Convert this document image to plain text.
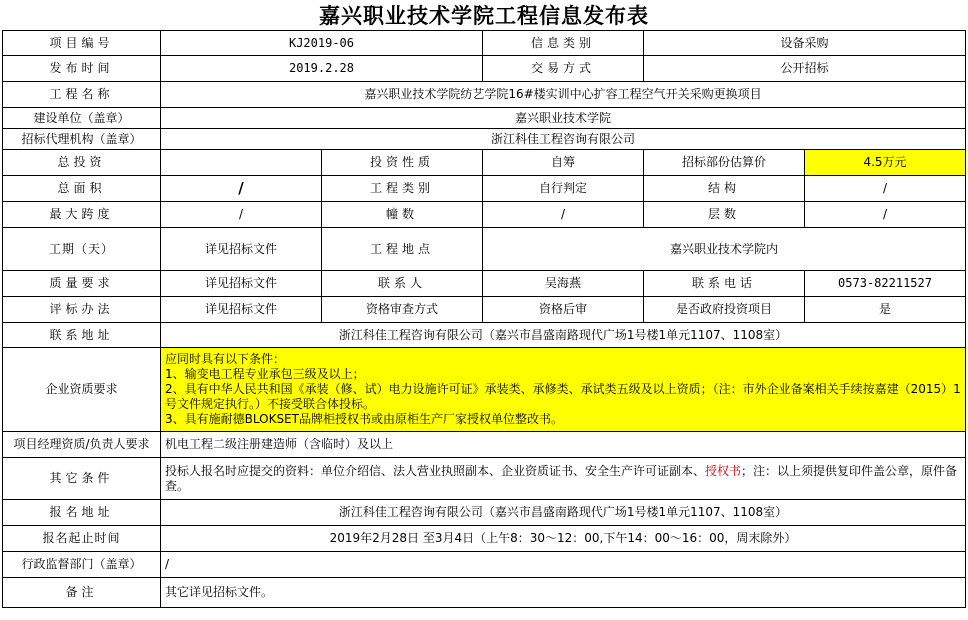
嘉兴职业技术学院工程信息发布表
项目编号	KJ2019-06		信息类别	设备采购	
发布时间	2019.2.28		交易方式	公开招标	
工程名称	嘉兴职业技术学院纺艺学院16#楼实训中心扩容工程空气开关采购更换项目				
建设单位（盖章）	嘉兴职业技术学院				
招标代理机构（盖章）	浙江科佳工程咨询有限公司				
总投资		投资性质	自筹	招标部份估算价	4.5万元
总面积	/	工程类别	自行判定	结构	/
最大跨度	/	幢数	/	层数	/
工期（天）	详见招标文件	工程地点	嘉兴职业技术学院内		
质量要求	详见招标文件	联系人	吴海燕	联系电话	0573-82211527
评标办法	详见招标文件	资格审查方式	资格后审	是否政府投资项目	是
联系地址	浙江科佳工程咨询有限公司（嘉兴市昌盛南路现代广场1号楼1单元1107、1108室）				
企业资质要求	应同时具有以下条件：
1、输变电工程专业承包三级及以上；
2、具有中华人民共和国《承装（修、试）电力设施许可证》承装类、承修类、承试类五级及以上资质；（注：市外企业备案相关手续按嘉建（2015）1号文件规定执行。）不接受联合体投标。
3、具有施耐德BLOKSET品牌柜授权书或由原柜生产厂家授权单位整改书。				

项目经理资质/负责人要求	机电工程二级注册建造师（含临时）及以上				
其它条件	投标人报名时应提交的资料：单位介绍信、法人营业执照副本、企业资质证书、安全生产许可证副本、授权书；注：以上须提供复印件盖公章，原件备查。				
报名地址	浙江科佳工程咨询有限公司（嘉兴市昌盛南路现代广场1号楼1单元1107、1108室）				
报名起止时间	2019年2月28日 至3月4日（上午8：30～12：00,下午14：00～16：00，周末除外）				
行政监督部门（盖章）	/				
备注	其它详见招标文件。				
